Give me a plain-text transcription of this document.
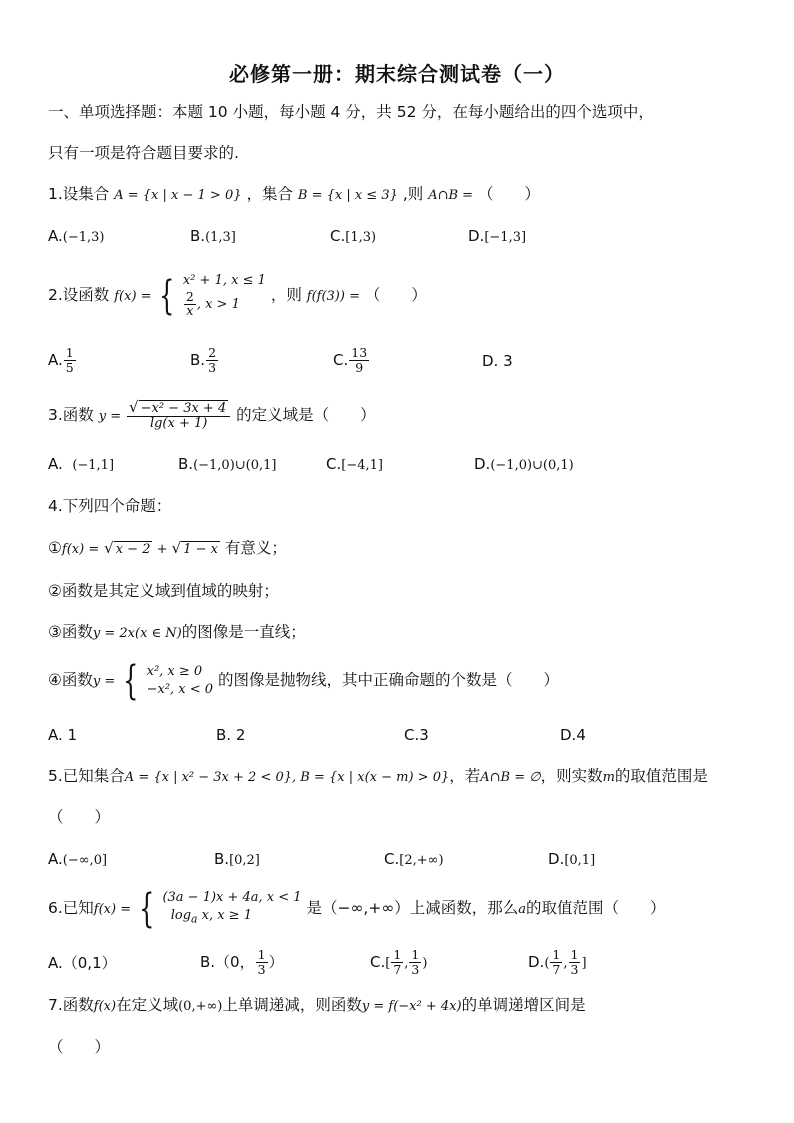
必修第一册：期末综合测试卷（一）
一、单项选择题：本题 10 小题，每小题 4 分，共 52 分，在每小题给出的四个选项中，
只有一项是符合题目要求的.
1.设集合 A = {x | x − 1 > 0} ，集合 B = {x | x ≤ 3} ,则 A∩B = （　　）
A.(−1,3)	B.(1,3]	C.[1,3)	D.[−1,3]
2.设函数 f(x) = { x² + 1, x ≤ 1
$\frac{2}{x}$ , x > 1
，则 f(f(3)) = （　　）
A. $\frac{1}{5}$	B. $\frac{2}{3}$	C. $\frac{13}{9}$	D. 3
3.函数 $y = \frac{\text{√ −x² − 3x + 4}}{\lg(x + 1)}$ 的定义域是（　　）
A. (−1,1]	B.(−1,0)∪(0,1]	C.[−4,1]	D.(−1,0)∪(0,1)
4.下列四个命题：
①f(x) = √ x − 2 + √ 1 − x 有意义；
②函数是其定义域到值域的映射；
③函数y = 2x(x ∈ N)的图像是一直线；
④函数y = { x², x ≥ 0
−x², x < 0 的图像是抛物线，其中正确命题的个数是（　　）
A. 1	B. 2	C.3	D.4
5.已知集合A = {x | x² − 3x + 2 < 0}, B = {x | x(x − m) > 0}，若A∩B = ∅，则实数m的取值范围是
（　　）
A.(−∞,0]	B.[0,2]	C.[2,+∞)	D.[0,1]
6.已知f(x) = { (3a − 1)x + 4a, x < 1
$\log_a x$, x ≥ 1	是（−∞,+∞）上减函数，那么a的取值范围（　　）
A.（0,1）	B.（0， $\frac{1}{3}$ ）	$C.[ \frac{1}{7}$ , $\frac{1}{3}$ )	$D.( \frac{1}{7}$ , $\frac{1}{3}$ ]
7.函数f(x)在定义域(0,+∞)上单调递减，则函数y = f(−x² + 4x)的单调递增区间是
（　　）
